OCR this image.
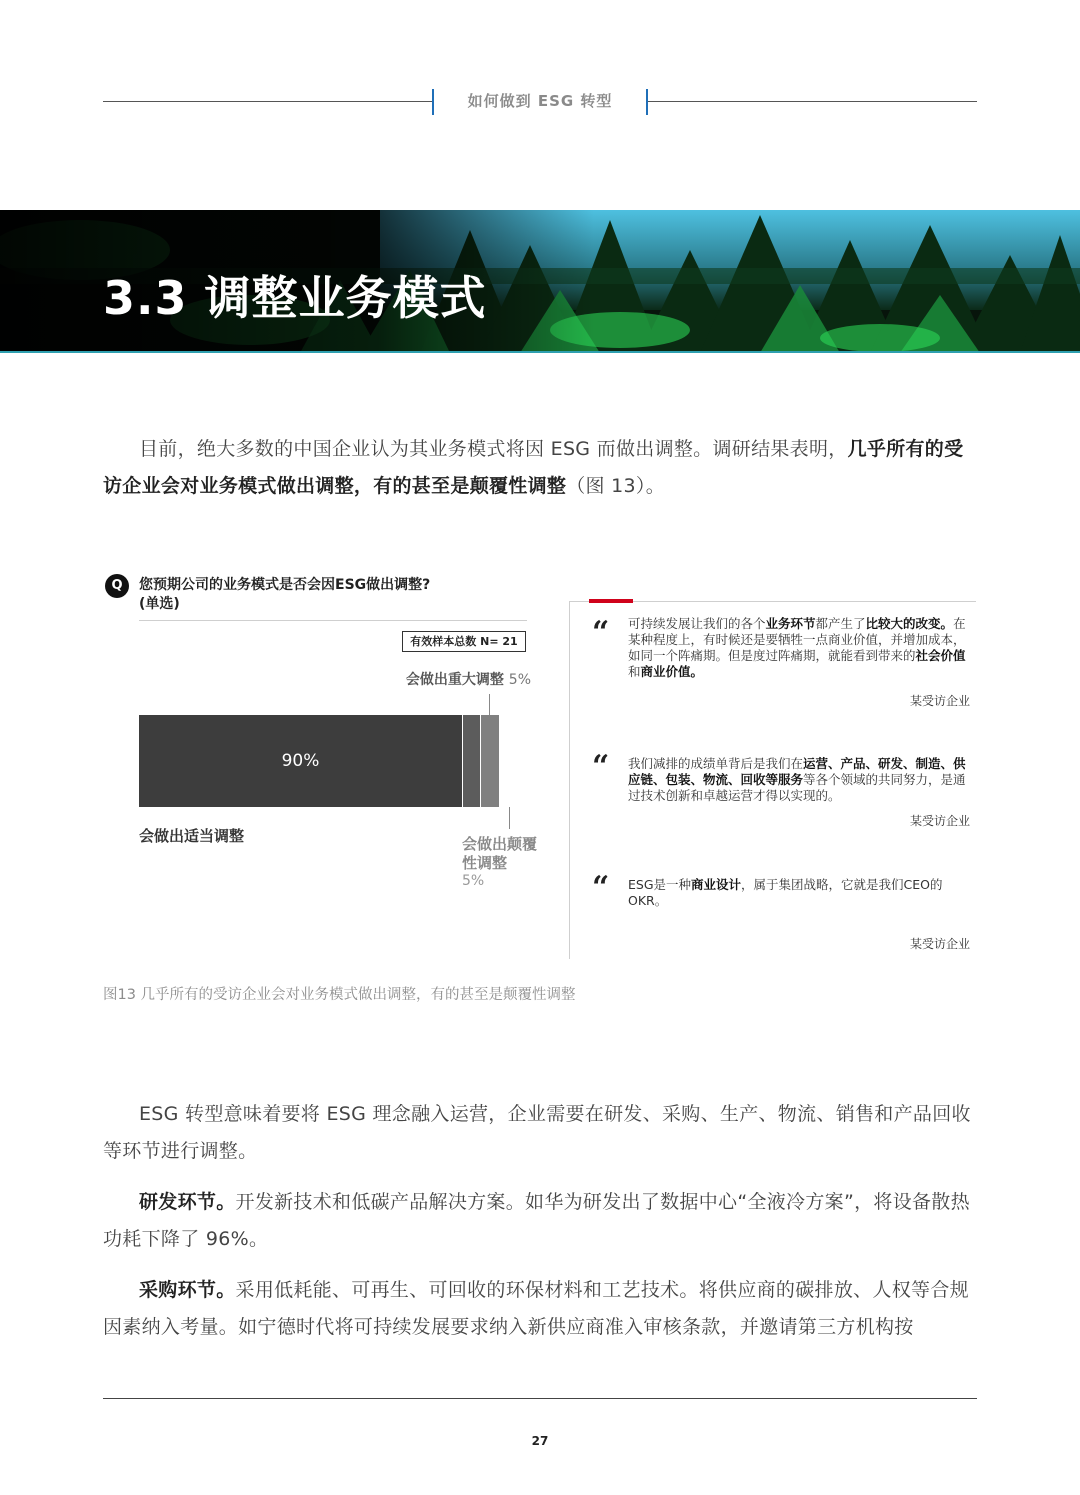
如何做到 ESG 转型
3.3 调整业务模式
目前，绝大多数的中国企业认为其业务模式将因 ESG 而做出调整。调研结果表明，几乎所有的受访企业会对业务模式做出调整，有的甚至是颠覆性调整（图 13）。
Q	您预期公司的业务模式是否会因ESG做出调整?
(单选)
有效样本总数 N= 21
会做出重大调整 5%
90%
会做出适当调整	会做出颠覆
性调整
5%
“ 可持续发展让我们的各个业务环节都产生了比较大的改变。在某种程度上，有时候还是要牺牲一点商业价值，并增加成本，如同一个阵痛期。但是度过阵痛期，就能看到带来的社会价值和商业价值。
某受访企业
“ 我们减排的成绩单背后是我们在运营、产品、研发、制造、供应链、包装、物流、回收等服务等各个领域的共同努力，是通过技术创新和卓越运营才得以实现的。
某受访企业
“ ESG是一种商业设计，属于集团战略，它就是我们CEO的OKR。
某受访企业
图13 几乎所有的受访企业会对业务模式做出调整，有的甚至是颠覆性调整
ESG 转型意味着要将 ESG 理念融入运营，企业需要在研发、采购、生产、物流、销售和产品回收等环节进行调整。
研发环节。开发新技术和低碳产品解决方案。如华为研发出了数据中心“全液冷方案”，将设备散热功耗下降了 96%。
采购环节。采用低耗能、可再生、可回收的环保材料和工艺技术。将供应商的碳排放、人权等合规因素纳入考量。如宁德时代将可持续发展要求纳入新供应商准入审核条款，并邀请第三方机构按
27
